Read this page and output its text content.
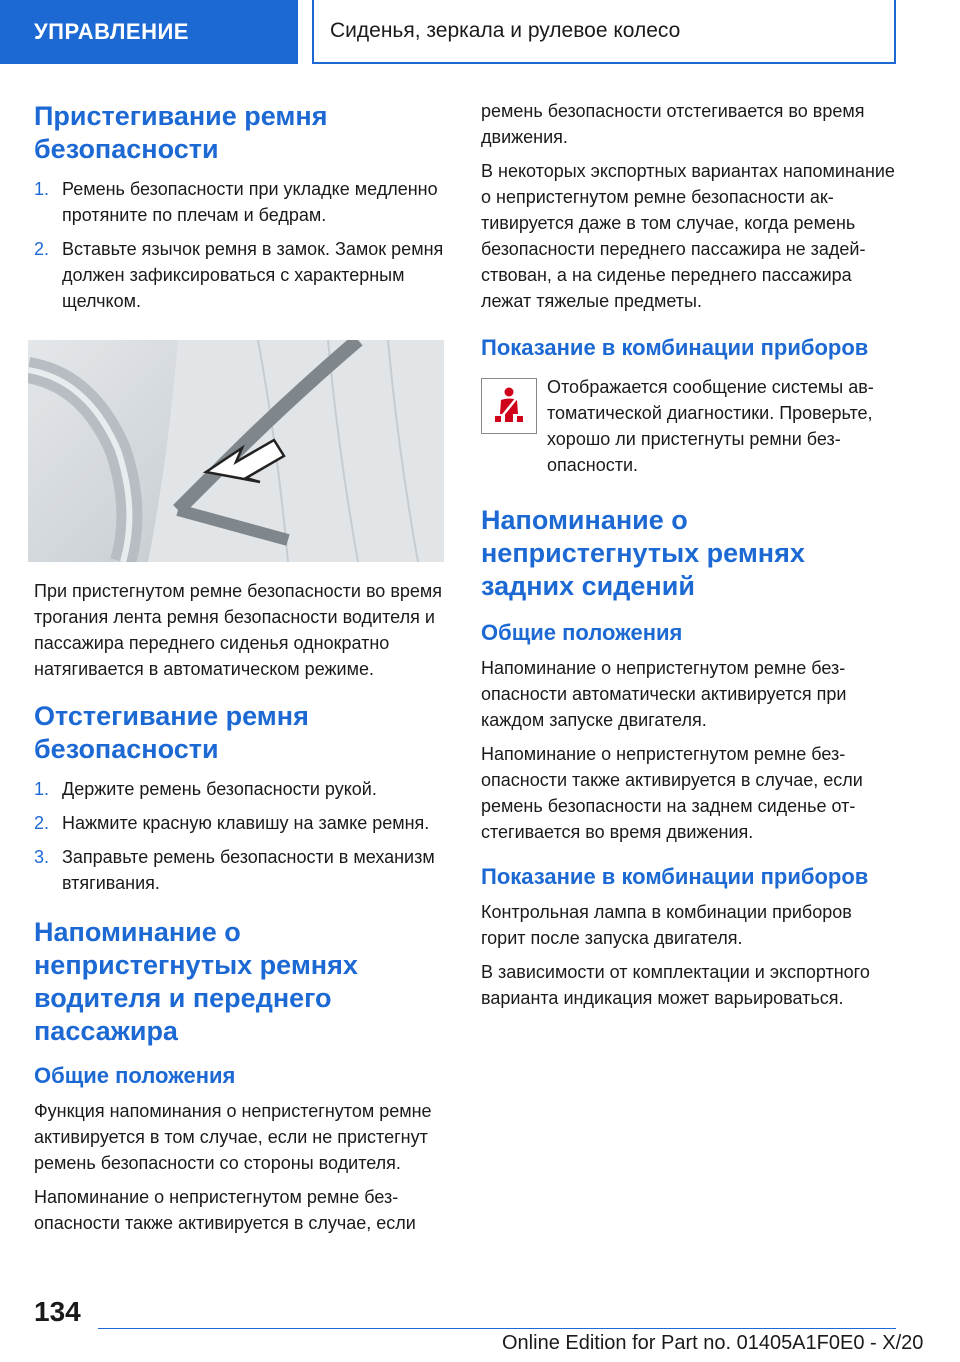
УПРАВЛЕНИЕ	Сиденья, зеркала и рулевое колесо
Пристегивание ремня безопасности
1. Ремень безопасности при укладке медленно протяните по плечам и бедрам.
2. Вставьте язычок ремня в замок. Замок ремня должен зафиксироваться с характерным щелчком.
При пристегнутом ремне безопасности во время трогания лента ремня безопасности водителя и пассажира переднего сиденья однократно натягивается в автоматическом режиме.
Отстегивание ремня безопасности
1. Держите ремень безопасности рукой.
2. Нажмите красную клавишу на замке ремня.
3. Заправьте ремень безопасности в механизм втягивания.
Напоминание о непристегнутых ремнях водителя и переднего пассажира
Общие положения
Функция напоминания о непристегнутом ремне активируется в том случае, если не пристегнут ремень безопасности со стороны водителя.
Напоминание о непристегнутом ремне безопасности также активируется в случае, если
ремень безопасности отстегивается во время движения.
В некоторых экспортных вариантах напоминание о непристегнутом ремне безопасности активируется даже в том случае, когда ремень безопасности переднего пассажира не задействован, а на сиденье переднего пассажира лежат тяжелые предметы.
Показание в комбинации приборов
Отображается сообщение системы автоматической диагностики. Проверьте, хорошо ли пристегнуты ремни безопасности.
Напоминание о непристегнутых ремнях задних сидений
Общие положения
Напоминание о непристегнутом ремне безопасности автоматически активируется при каждом запуске двигателя.
Напоминание о непристегнутом ремне безопасности также активируется в случае, если ремень безопасности на заднем сиденье отстегивается во время движения.
Показание в комбинации приборов
Контрольная лампа в комбинации приборов горит после запуска двигателя.
В зависимости от комплектации и экспортного варианта индикация может варьироваться.
134
Online Edition for Part no. 01405A1F0E0 - X/20
